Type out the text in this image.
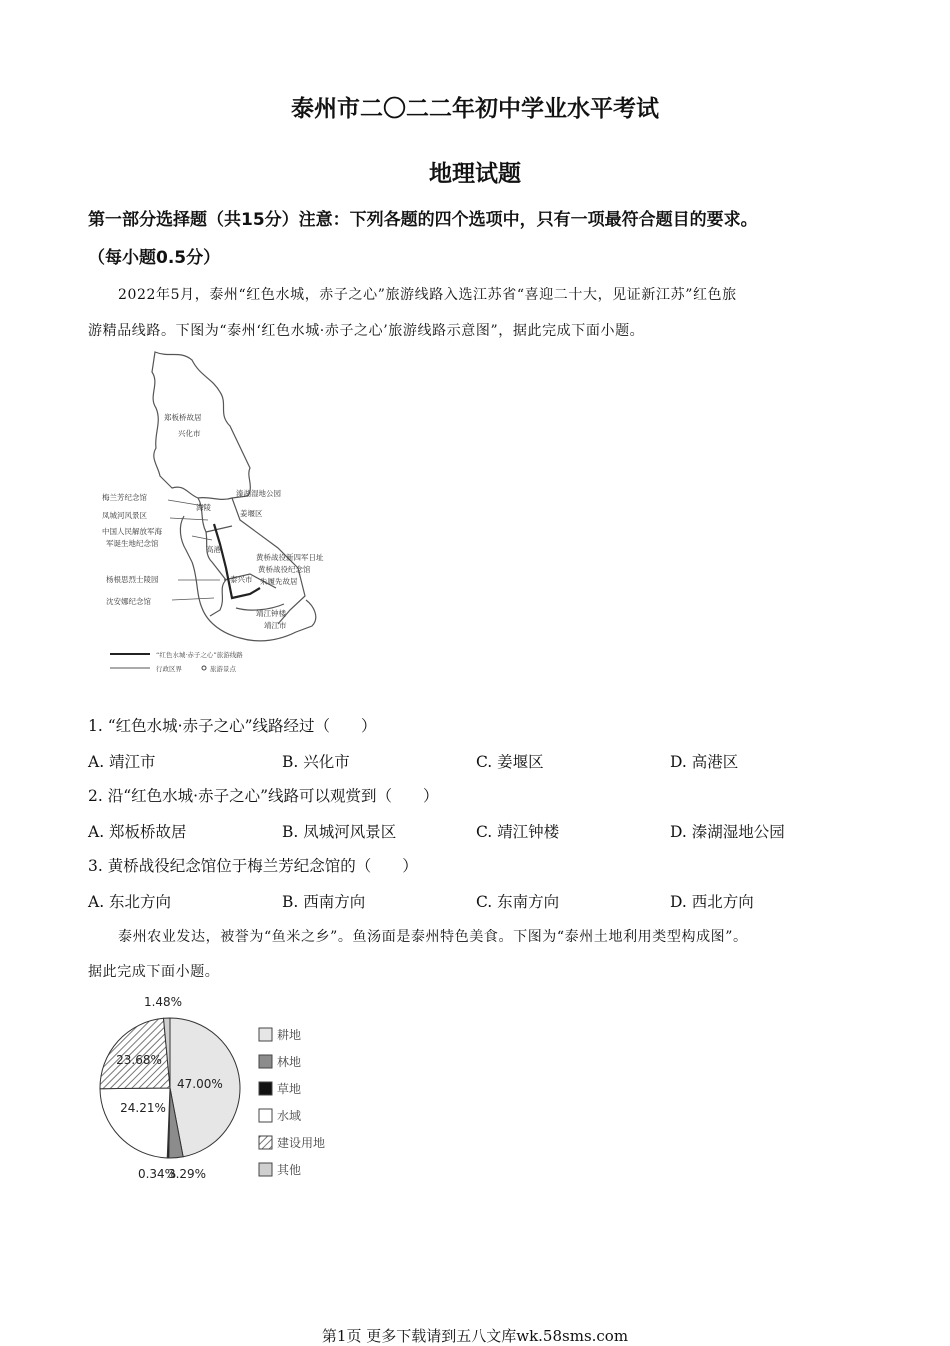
泰州市二〇二二年初中学业水平考试
地理试题
第一部分选择题（共15分）注意：下列各题的四个选项中，只有一项最符合题目的要求。
（每小题0.5分）
2022年5月，泰州“红色水城，赤子之心”旅游线路入选江苏省“喜迎二十大，见证新江苏”红色旅
游精品线路。下图为“泰州‘红色水城·赤子之心’旅游线路示意图”，据此完成下面小题。
郑板桥故居
兴化市
梅兰芳纪念馆
凤城河风景区
中国人民解放军海
军诞生地纪念馆
溱湖湿地公园
姜堰区
海陵
高港
黄桥战役新四军日址
黄桥战役纪念馆
朱履先故居
泰兴市
杨根思烈士陵园
沈安娜纪念馆
靖江钟楼
靖江市
“红色水城·赤子之心”旅游线路
行政区界	旅游景点
1. “红色水城·赤子之心”线路经过（　　）
A. 靖江市	B. 兴化市	C. 姜堰区	D. 高港区
2. 沿“红色水城·赤子之心”线路可以观赏到（　　）
A. 郑板桥故居	B. 凤城河风景区	C. 靖江钟楼	D. 溱湖湿地公园
3. 黄桥战役纪念馆位于梅兰芳纪念馆的（　　）
A. 东北方向	B. 西南方向	C. 东南方向	D. 西北方向
泰州农业发达，被誉为“鱼米之乡”。鱼汤面是泰州特色美食。下图为“泰州土地利用类型构成图”。
据此完成下面小题。
47.00%
3.29%
0.34%
24.21%
23.68%
1.48%
耕地
林地
草地
水域
建设用地
其他
第1页 更多下载请到五八文库wk.58sms.com
